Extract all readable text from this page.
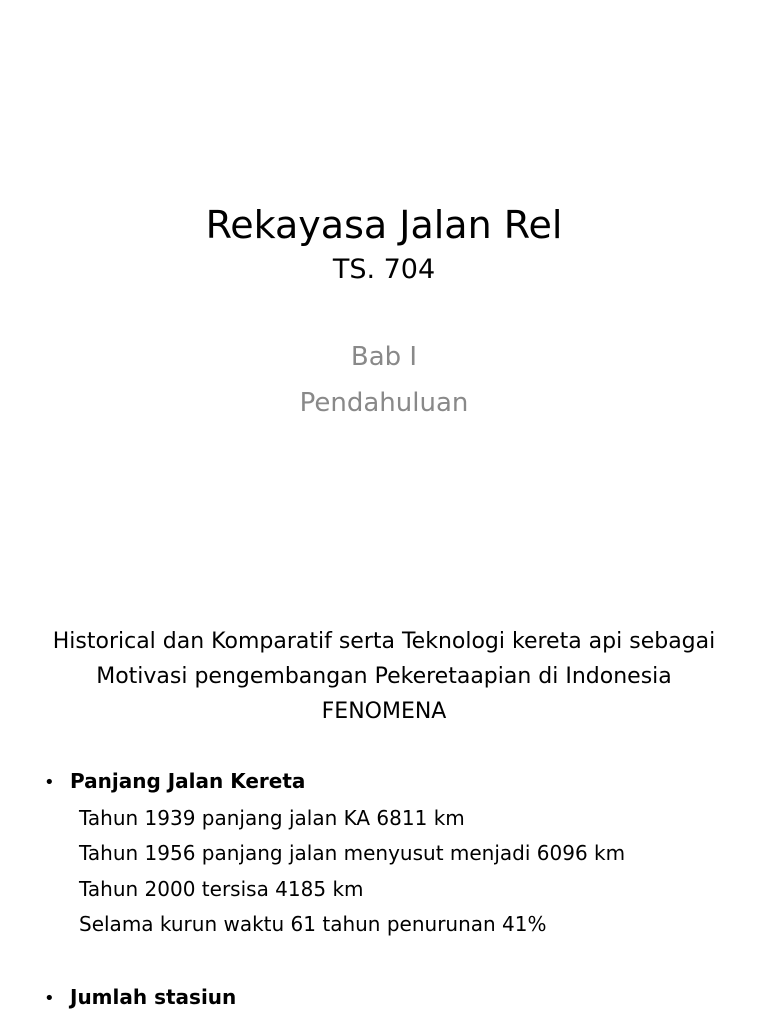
Rekayasa Jalan Rel
TS. 704
Bab I
Pendahuluan
Historical dan Komparatif serta Teknologi kereta api sebagai
Motivasi pengembangan Pekeretaapian di Indonesia
FENOMENA
• Panjang Jalan Kereta
Tahun 1939 panjang jalan KA 6811 km
Tahun 1956 panjang jalan menyusut menjadi 6096 km
Tahun 2000 tersisa 4185 km
Selama kurun waktu 61 tahun penurunan 41%
• Jumlah stasiun
